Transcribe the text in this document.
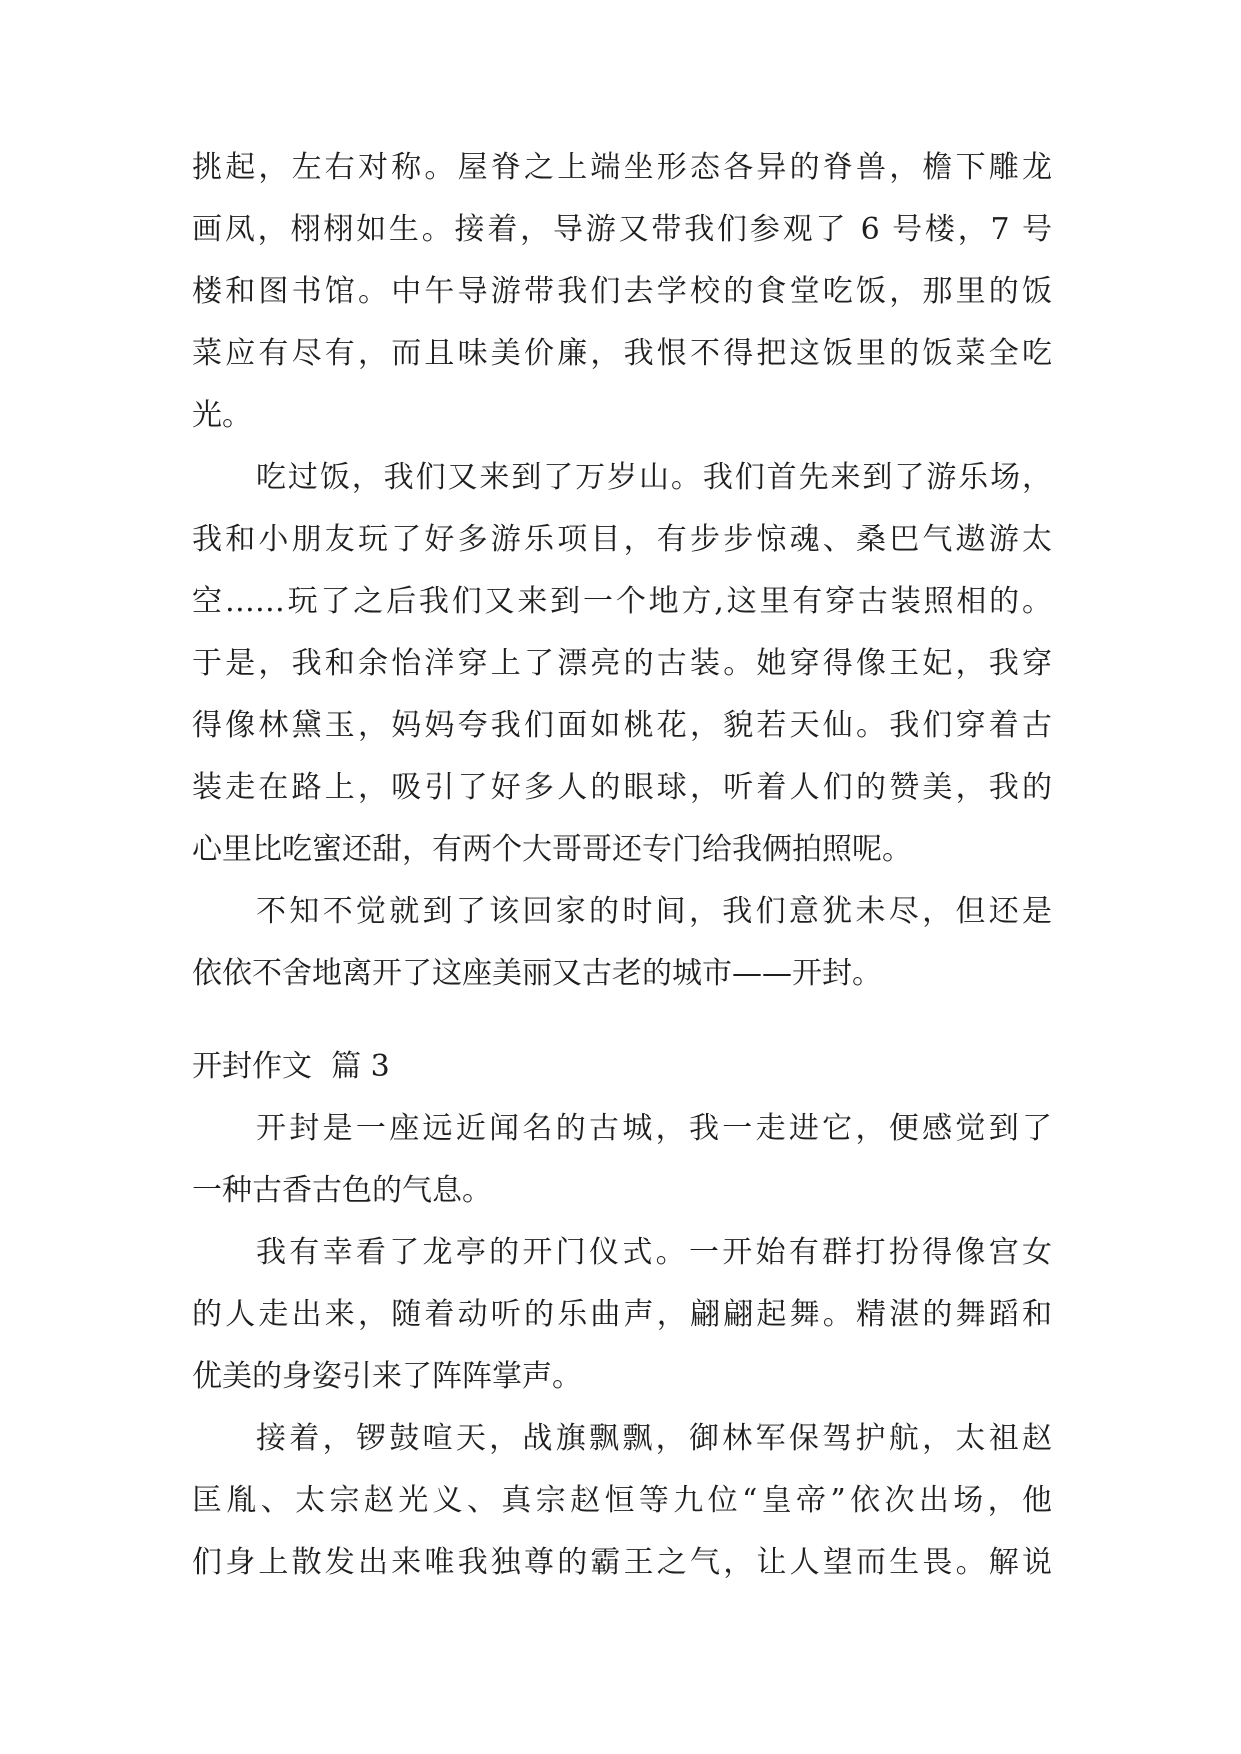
挑起，左右对称。屋脊之上端坐形态各异的脊兽，檐下雕龙
画凤，栩栩如生。接着，导游又带我们参观了 6 号楼，7 号
楼和图书馆。中午导游带我们去学校的食堂吃饭，那里的饭
菜应有尽有，而且味美价廉，我恨不得把这饭里的饭菜全吃
光。
吃过饭，我们又来到了万岁山。我们首先来到了游乐场，
我和小朋友玩了好多游乐项目，有步步惊魂、桑巴气遨游太
空……玩了之后我们又来到一个地方,这里有穿古装照相的。
于是，我和余怡洋穿上了漂亮的古装。她穿得像王妃，我穿
得像林黛玉，妈妈夸我们面如桃花，貌若天仙。我们穿着古
装走在路上，吸引了好多人的眼球，听着人们的赞美，我的
心里比吃蜜还甜，有两个大哥哥还专门给我俩拍照呢。
不知不觉就到了该回家的时间，我们意犹未尽，但还是
依依不舍地离开了这座美丽又古老的城市——开封。
开封作文  篇 3
开封是一座远近闻名的古城，我一走进它，便感觉到了
一种古香古色的气息。
我有幸看了龙亭的开门仪式。一开始有群打扮得像宫女
的人走出来，随着动听的乐曲声，翩翩起舞。精湛的舞蹈和
优美的身姿引来了阵阵掌声。
接着，锣鼓喧天，战旗飘飘，御林军保驾护航，太祖赵
匡胤、太宗赵光义、真宗赵恒等九位“皇帝”依次出场，他
们身上散发出来唯我独尊的霸王之气，让人望而生畏。解说
